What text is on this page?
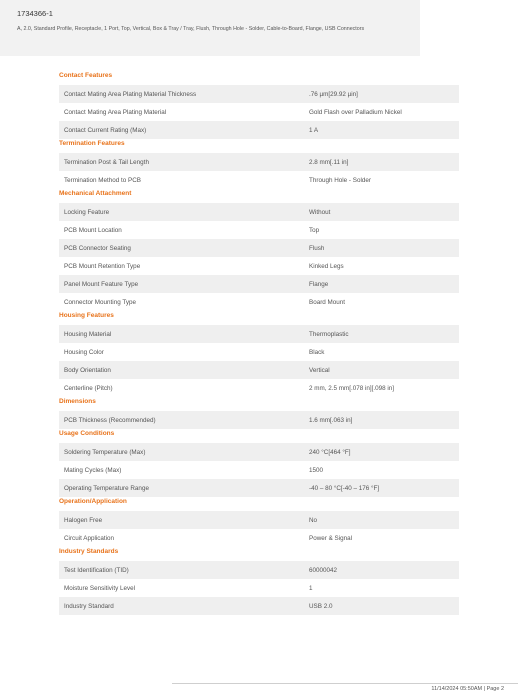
1734366-1
A, 2.0, Standard Profile, Receptacle, 1 Port, Top, Vertical, Box & Tray / Tray, Flush, Through Hole - Solder, Cable-to-Board, Flange, USB Connectors
Contact Features
Contact Mating Area Plating Material Thickness	.76 µm[29.92 µin]
Contact Mating Area Plating Material	Gold Flash over Palladium Nickel
Contact Current Rating (Max)	1 A
Termination Features
Termination Post & Tail Length	2.8 mm[.11 in]
Termination Method to PCB	Through Hole - Solder
Mechanical Attachment
Locking Feature	Without
PCB Mount Location	Top
PCB Connector Seating	Flush
PCB Mount Retention Type	Kinked Legs
Panel Mount Feature Type	Flange
Connector Mounting Type	Board Mount
Housing Features
Housing Material	Thermoplastic
Housing Color	Black
Body Orientation	Vertical
Centerline (Pitch)	2 mm, 2.5 mm[.078 in][.098 in]
Dimensions
PCB Thickness (Recommended)	1.6 mm[.063 in]
Usage Conditions
Soldering Temperature (Max)	240 °C[464 °F]
Mating Cycles (Max)	1500
Operating Temperature Range	-40 – 80 °C[-40 – 176 °F]
Operation/Application
Halogen Free	No
Circuit Application	Power & Signal
Industry Standards
Test Identification (TID)	60000042
Moisture Sensitivity Level	1
Industry Standard	USB 2.0
11/14/2024 05:50AM | Page 2
